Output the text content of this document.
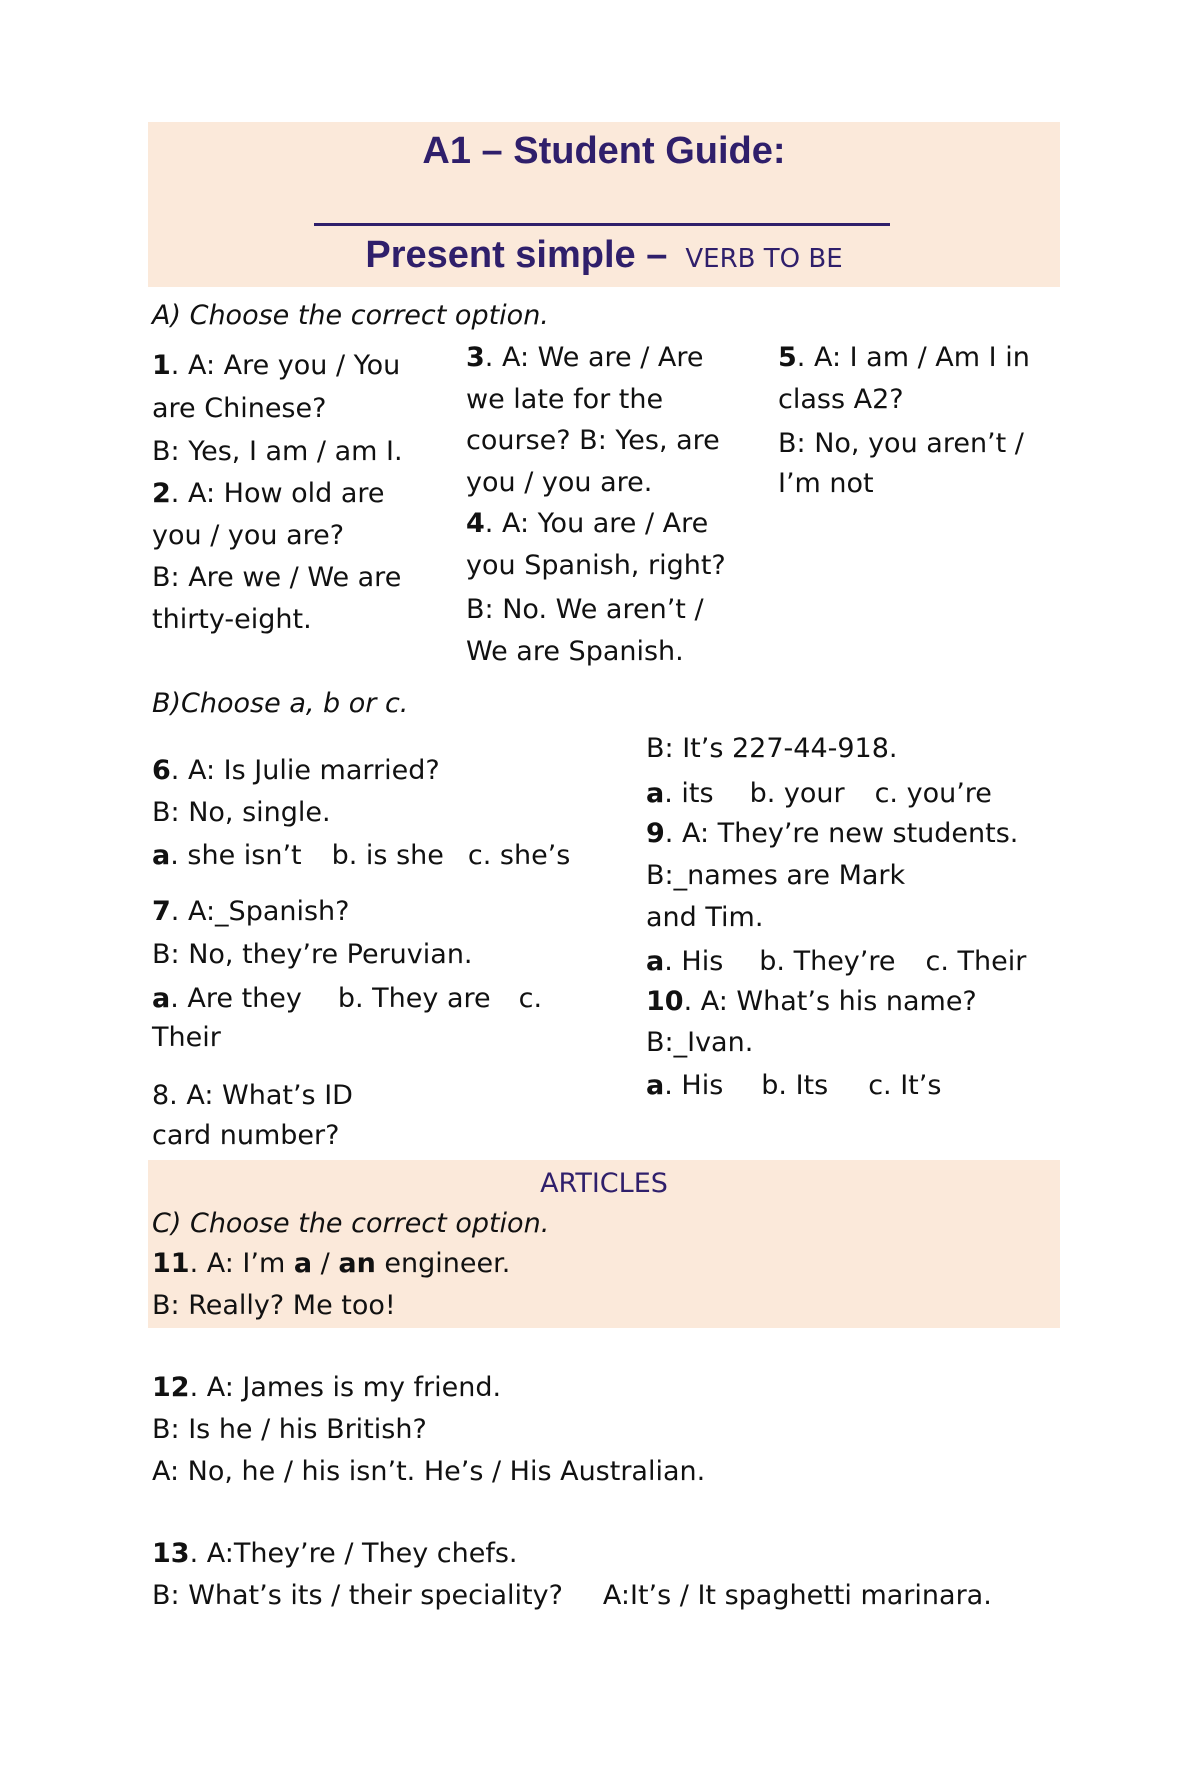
A1 – Student Guide:
Present simple – VERB TO BE

A) Choose the correct option.

1. A: Are you / You

are Chinese?

B: Yes, I am / am I.

2. A: How old are

you / you are?

B: Are we / We are

thirty-eight.

3. A: We are / Are

we late for the

course? B: Yes, are

you / you are.

4. A: You are / Are

you Spanish, right?

B: No. We aren’t /

We are Spanish.

5. A: I am / Am I in

class A2?

B: No, you aren’t /

I’m not

B)Choose a, b or c.

6. A: Is Julie married?

B: No, single.

a. she isn’t b. is she c. she’s

7. A:_Spanish?

B: No, they’re Peruvian.

a. Are they b. They are c.

Their

8. A: What’s ID

card number?

B: It’s 227-44-918.

a. its b. your c. you’re

9. A: They’re new students.

B:_names are Mark

and Tim.

a. His b. They’re c. Their

10. A: What’s his name?

B:_Ivan.

a. His b. Its c. It’s

ARTICLES

C) Choose the correct option.

11. A: I’m a / an engineer.

B: Really? Me too!

12. A: James is my friend.

B: Is he / his British?

A: No, he / his isn’t. He’s / His Australian.

13. A:They’re / They chefs.

B: What’s its / their speciality? A:It’s / It spaghetti marinara.
